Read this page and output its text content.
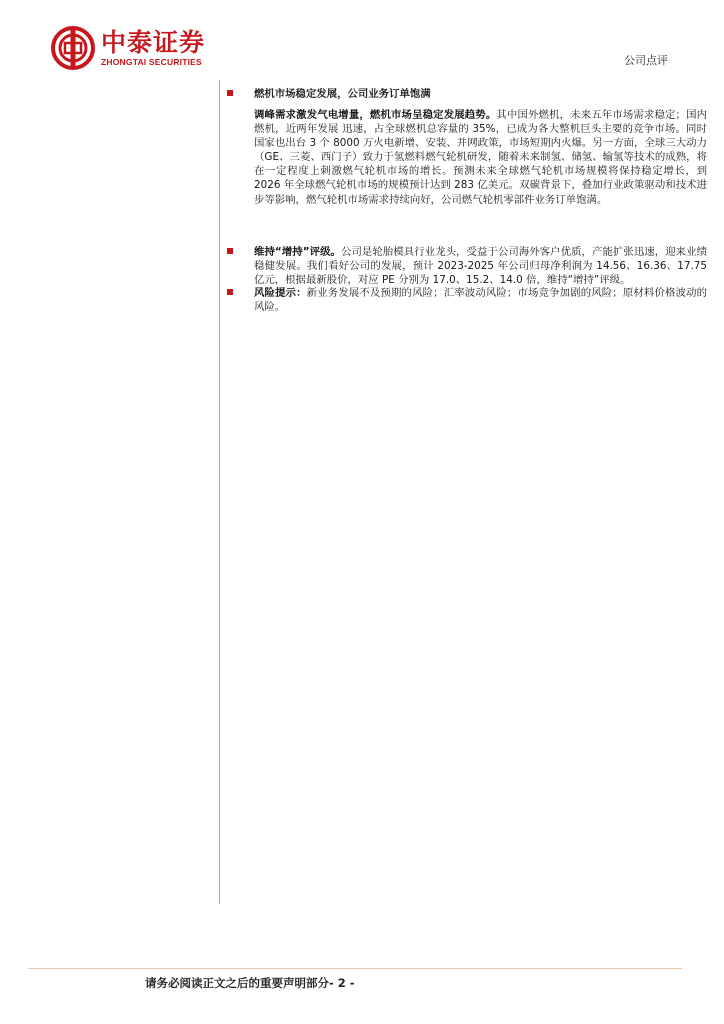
中泰证券
ZHONGTAI SECURITIES	公司点评
燃机市场稳定发展，公司业务订单饱满
调峰需求激发气电增量，燃机市场呈稳定发展趋势。其中国外燃机，未来五年市场需求稳定；国内燃机，近两年发展 迅速，占全球燃机总容量的 35%，已成为各大整机巨头主要的竞争市场。同时国家也出台 3 个 8000 万火电新增、安装、并网政策，市场短期内火爆。另一方面，全球三大动力（GE、三菱、西门子）致力于氢燃料燃气轮机研发，随着未来制氢、储氢、输氢等技术的成熟，将在一定程度上刺激燃气轮机市场的增长。预测未来全球燃气轮机市场规模将保持稳定增长，到 2026 年全球燃气轮机市场的规模预计达到 283 亿美元。双碳背景下，叠加行业政策驱动和技术进步等影响，燃气轮机市场需求持续向好，公司燃气轮机零部件业务订单饱满。
维持“增持”评级。公司是轮胎模具行业龙头，受益于公司海外客户优质，产能扩张迅速，迎来业绩稳健发展。我们看好公司的发展，预计 2023-2025 年公司归母净利润为 14.56、16.36、17.75 亿元，根据最新股价，对应 PE 分别为 17.0、15.2、14.0 倍，维持“增持”评级。
风险提示：新业务发展不及预期的风险；汇率波动风险；市场竞争加剧的风险；原材料价格波动的风险。
请务必阅读正文之后的重要声明部分- 2 -
